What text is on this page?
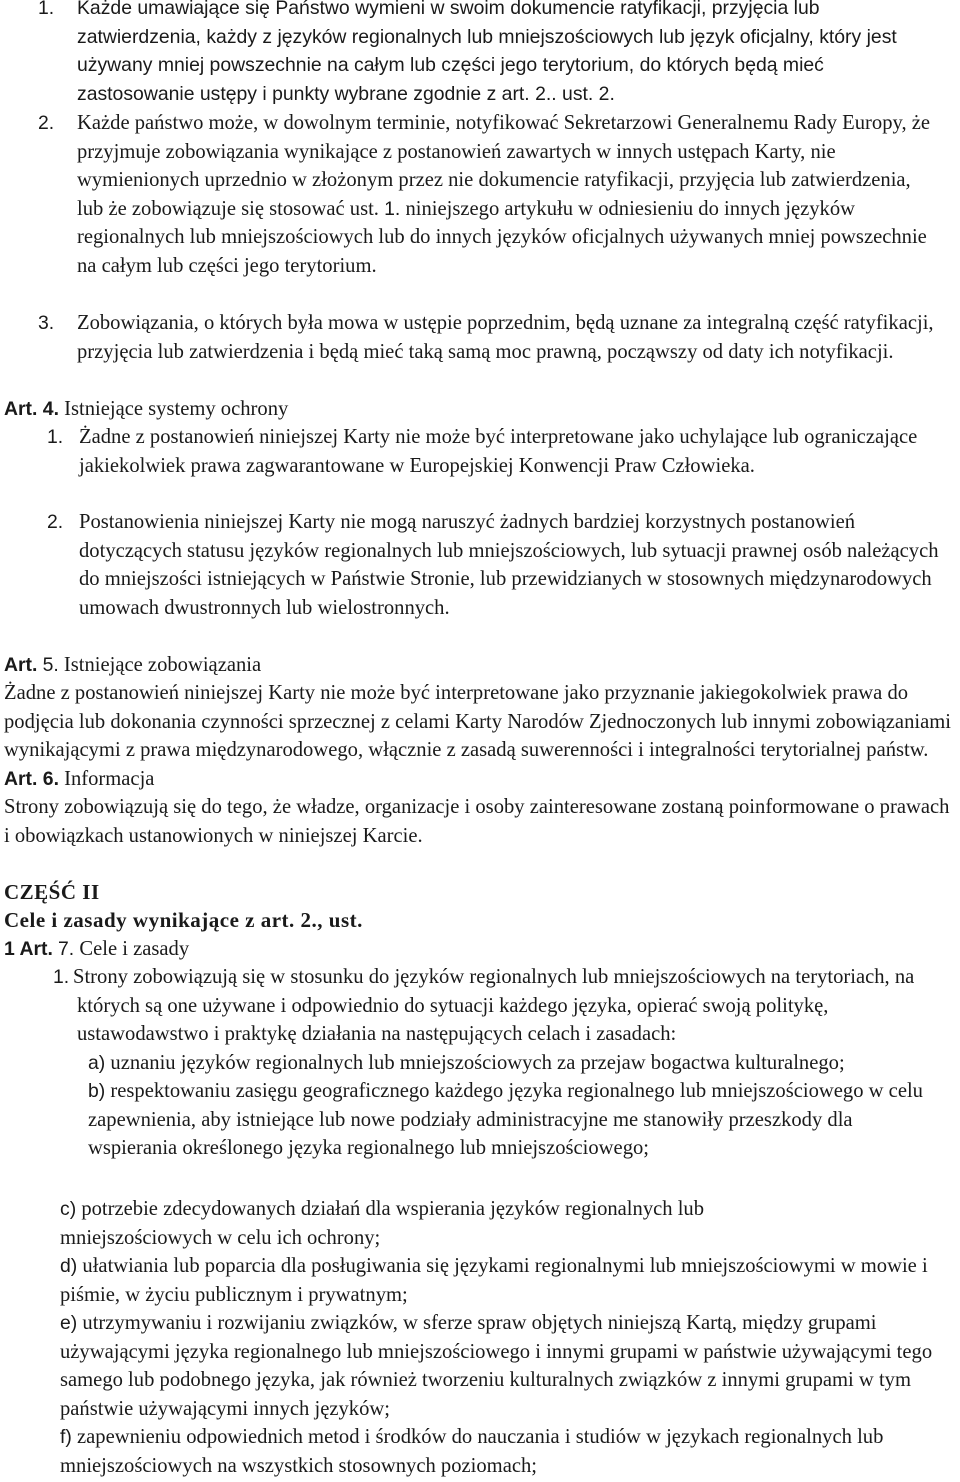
1. Każde umawiające się Państwo wymieni w swoim dokumencie ratyfikacji, przyjęcia lub zatwierdzenia, każdy z języków regionalnych lub mniejszościowych lub język oficjalny, który jest używany mniej powszechnie na całym lub części jego terytorium, do których będą mieć zastosowanie ustępy i punkty wybrane zgodnie z art. 2.. ust. 2.

2. Każde państwo może, w dowolnym terminie, notyfikować Sekretarzowi Generalnemu Rady Europy, że przyjmuje zobowiązania wynikające z postanowień zawartych w innych ustępach Karty, nie wymienionych uprzednio w złożonym przez nie dokumencie ratyfikacji, przyjęcia lub zatwierdzenia, lub że zobowiązuje się stosować ust. 1. niniejszego artykułu w odniesieniu do innych języków regionalnych lub mniejszościowych lub do innych języków oficjalnych używanych mniej powszechnie na całym lub części jego terytorium.

3. Zobowiązania, o których była mowa w ustępie poprzednim, będą uznane za integralną część ratyfikacji, przyjęcia lub zatwierdzenia i będą mieć taką samą moc prawną, począwszy od daty ich notyfikacji.

Art. 4. Istniejące systemy ochrony

1. Żadne z postanowień niniejszej Karty nie może być interpretowane jako uchylające lub ograniczające jakiekolwiek prawa zagwarantowane w Europejskiej Konwencji Praw Człowieka.

2. Postanowienia niniejszej Karty nie mogą naruszyć żadnych bardziej korzystnych postanowień dotyczących statusu języków regionalnych lub mniejszościowych, lub sytuacji prawnej osób należących do mniejszości istniejących w Państwie Stronie, lub przewidzianych w stosownych międzynarodowych umowach dwustronnych lub wielostronnych.

Art. 5. Istniejące zobowiązania

Żadne z postanowień niniejszej Karty nie może być interpretowane jako przyznanie jakiegokolwiek prawa do podjęcia lub dokonania czynności sprzecznej z celami Karty Narodów Zjednoczonych lub innymi zobowiązaniami wynikającymi z prawa międzynarodowego, włącznie z zasadą suwerenności i integralności terytorialnej państw. Art. 6. Informacja
Strony zobowiązują się do tego, że władze, organizacje i osoby zainteresowane zostaną poinformowane o prawach i obowiązkach ustanowionych w niniejszej Karcie.

CZĘŚĆ II

Cele i zasady wynikające z art. 2., ust.

1 Art. 7. Cele i zasady

1. Strony zobowiązują się w stosunku do języków regionalnych lub mniejszościowych na terytoriach, na których są one używane i odpowiednio do sytuacji każdego języka, opierać swoją politykę, ustawodawstwo i praktykę działania na następujących celach i zasadach:

a) uznaniu języków regionalnych lub mniejszościowych za przejaw bogactwa kulturalnego;

b) respektowaniu zasięgu geograficznego każdego języka regionalnego lub mniejszościowego w celu zapewnienia, aby istniejące lub nowe podziały administracyjne me stanowiły przeszkody dla wspierania określonego języka regionalnego lub mniejszościowego;

c) potrzebie zdecydowanych działań dla wspierania języków regionalnych lub mniejszościowych w celu ich ochrony;

d) ułatwiania lub poparcia dla posługiwania się językami regionalnymi lub mniejszościowymi w mowie i piśmie, w życiu publicznym i prywatnym;

e) utrzymywaniu i rozwijaniu związków, w sferze spraw objętych niniejszą Kartą, między grupami używającymi języka regionalnego lub mniejszościowego i innymi grupami w państwie używającymi tego samego lub podobnego języka, jak również tworzeniu kulturalnych związków z innymi grupami w tym państwie używającymi innych języków;

f) zapewnieniu odpowiednich metod i środków do nauczania i studiów w językach regionalnych lub mniejszościowych na wszystkich stosownych poziomach;
